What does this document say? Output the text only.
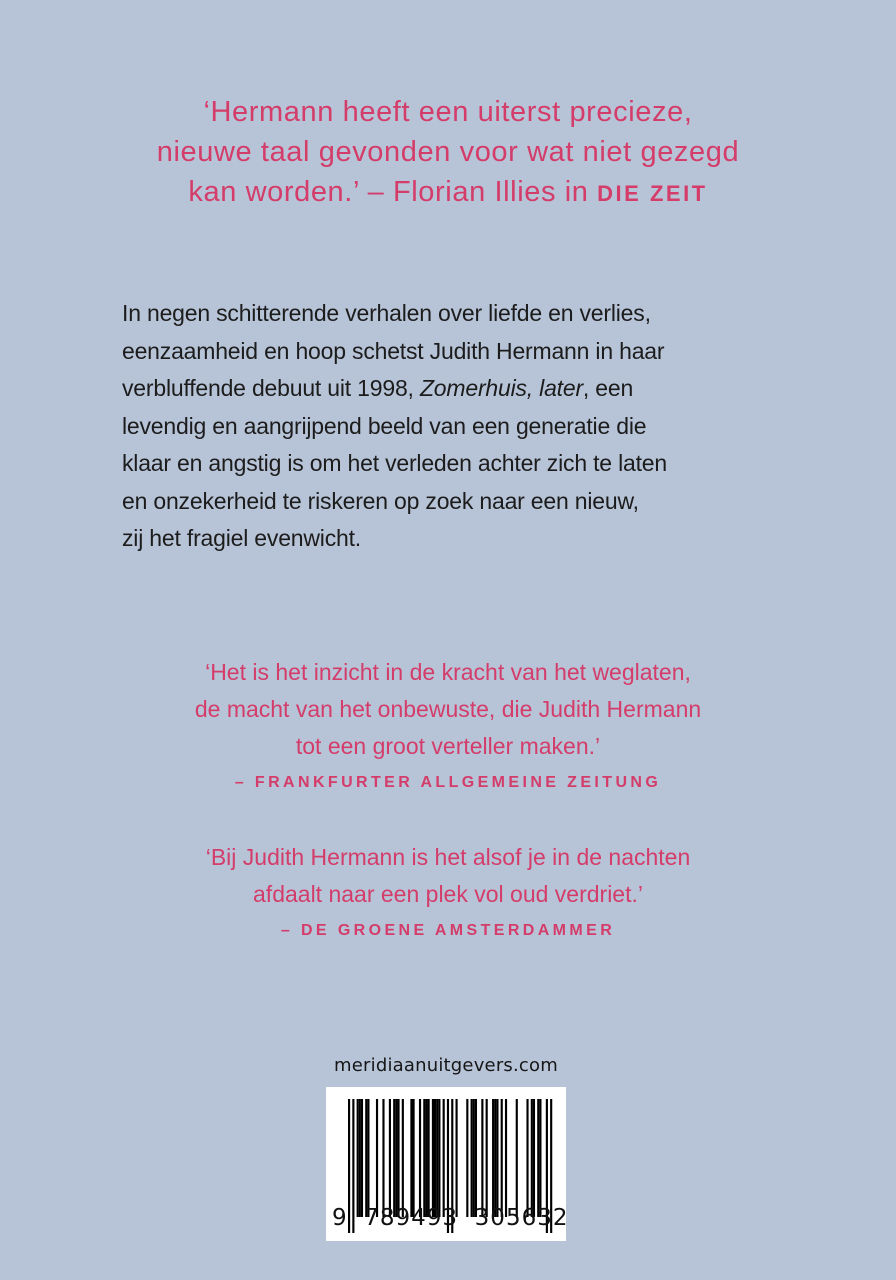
‘Hermann heeft een uiterst precieze,
nieuwe taal gevonden voor wat niet gezegd
kan worden.’ – Florian Illies in DIE ZEIT
In negen schitterende verhalen over liefde en verlies,
eenzaamheid en hoop schetst Judith Hermann in haar
verbluffende debuut uit 1998, Zomerhuis, later, een
levendig en aangrijpend beeld van een generatie die
klaar en angstig is om het verleden achter zich te laten
en onzekerheid te riskeren op zoek naar een nieuw,
zij het fragiel evenwicht.
‘Het is het inzicht in de kracht van het weglaten,
de macht van het onbewuste, die Judith Hermann
tot een groot verteller maken.’
– FRANKFURTER ALLGEMEINE ZEITUNG
‘Bij Judith Hermann is het alsof je in de nachten
afdaalt naar een plek vol oud verdriet.’
– DE GROENE AMSTERDAMMER
meridiaanuitgevers.com
9  789493  305632
